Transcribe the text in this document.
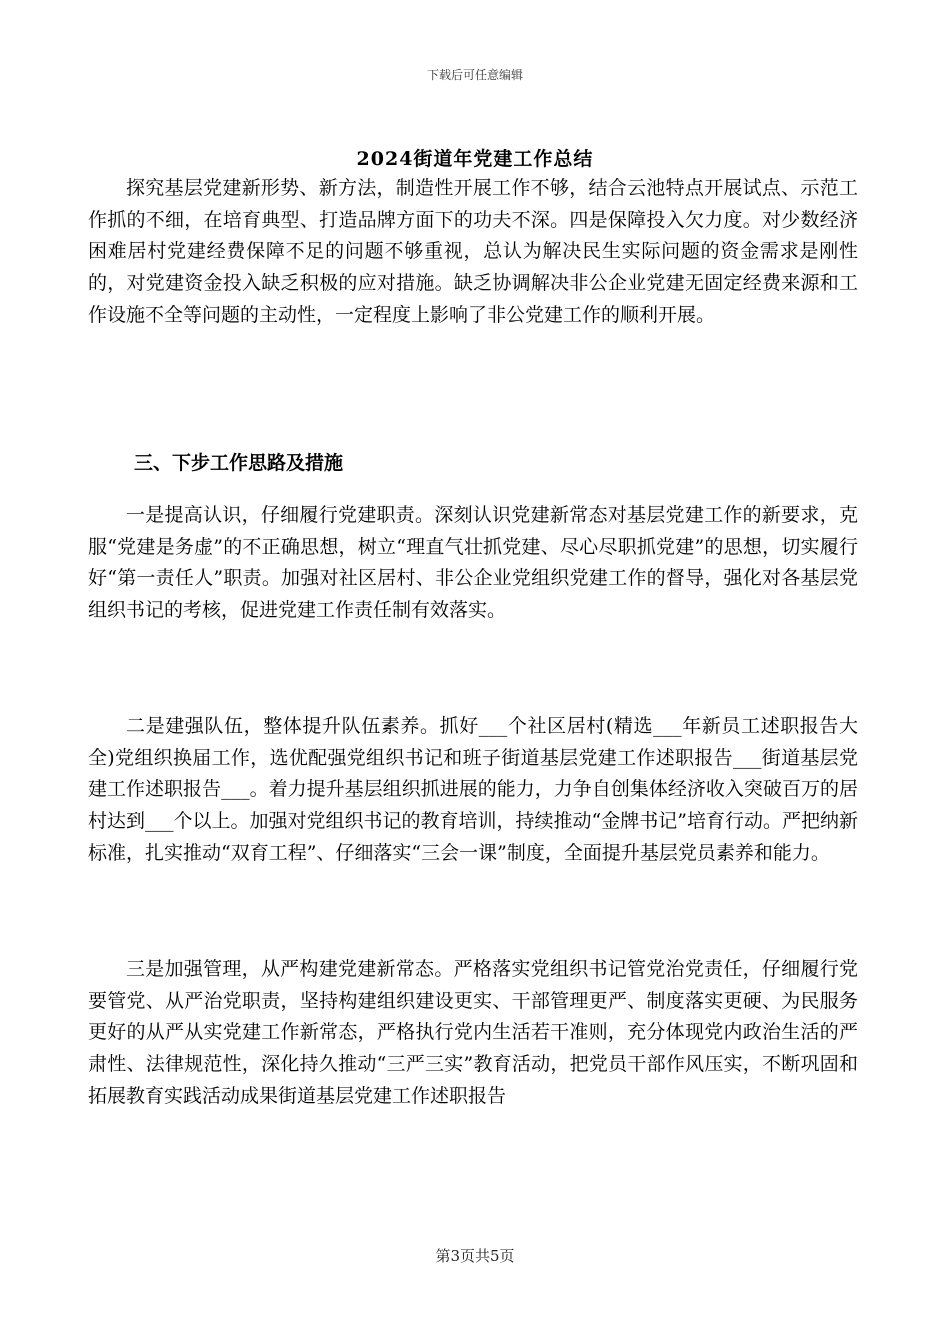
下载后可任意编辑
2024街道年党建工作总结

探究基层党建新形势、新方法，制造性开展工作不够，结合云池特点开展试点、示范工作抓的不细，在培育典型、打造品牌方面下的功夫不深。四是保障投入欠力度。对少数经济困难居村党建经费保障不足的问题不够重视，总认为解决民生实际问题的资金需求是刚性的，对党建资金投入缺乏积极的应对措施。缺乏协调解决非公企业党建无固定经费来源和工作设施不全等问题的主动性，一定程度上影响了非公党建工作的顺利开展。

三、下步工作思路及措施

一是提高认识，仔细履行党建职责。深刻认识党建新常态对基层党建工作的新要求，克服“党建是务虚”的不正确思想，树立“理直气壮抓党建、尽心尽职抓党建”的思想，切实履行好“第一责任人”职责。加强对社区居村、非公企业党组织党建工作的督导，强化对各基层党组织书记的考核，促进党建工作责任制有效落实。

二是建强队伍，整体提升队伍素养。抓好___个社区居村(精选___年新员工述职报告大全)党组织换届工作，选优配强党组织书记和班子街道基层党建工作述职报告___街道基层党建工作述职报告___。着力提升基层组织抓进展的能力，力争自创集体经济收入突破百万的居村达到___个以上。加强对党组织书记的教育培训，持续推动“金牌书记”培育行动。严把纳新标准，扎实推动“双育工程”、仔细落实“三会一课”制度，全面提升基层党员素养和能力。

三是加强管理，从严构建党建新常态。严格落实党组织书记管党治党责任，仔细履行党要管党、从严治党职责，坚持构建组织建设更实、干部管理更严、制度落实更硬、为民服务更好的从严从实党建工作新常态，严格执行党内生活若干准则，充分体现党内政治生活的严肃性、法律规范性，深化持久推动“三严三实”教育活动，把党员干部作风压实，不断巩固和拓展教育实践活动成果街道基层党建工作述职报告

第3页共5页
